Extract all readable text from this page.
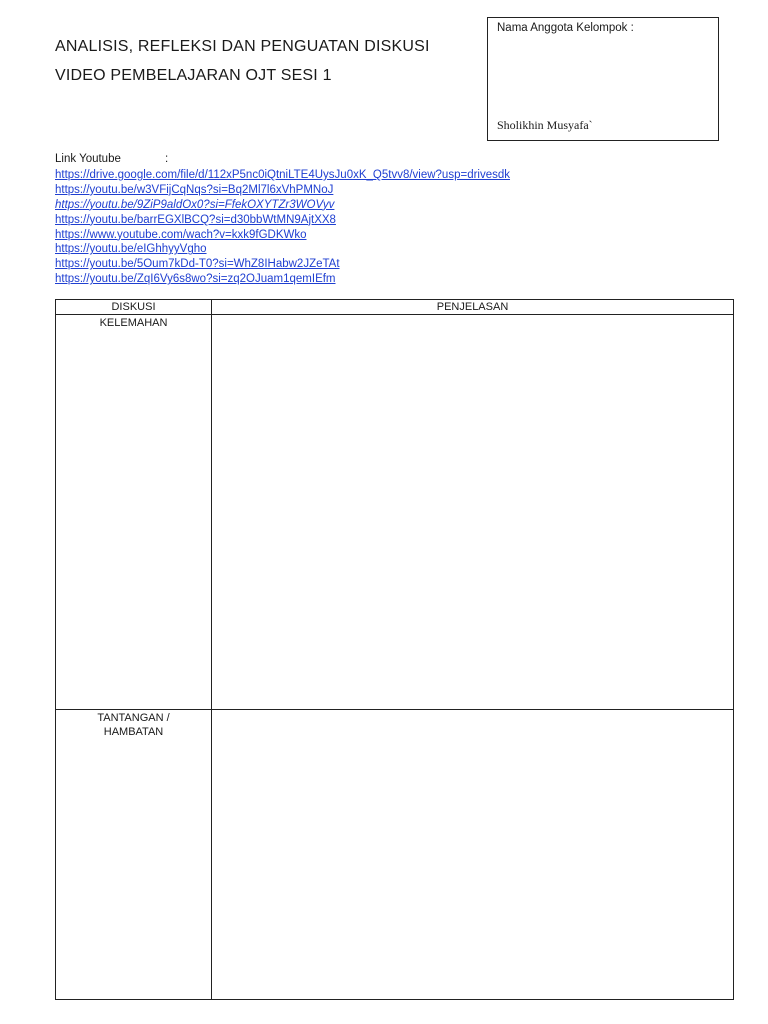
ANALISIS, REFLEKSI DAN PENGUATAN DISKUSI
VIDEO PEMBELAJARAN OJT SESI 1
Nama Anggota Kelompok :
Sholikhin Musyafa`
Link Youtube	:
https://drive.google.com/file/d/112xP5nc0iQtniLTE4UysJu0xK_Q5tvv8/view?usp=drivesdk
https://youtu.be/w3VFijCqNqs?si=Bq2Ml7l6xVhPMNoJ
https://youtu.be/9ZiP9aldOx0?si=FfekOXYTZr3WOVyv
https://youtu.be/barrEGXlBCQ?si=d30bbWtMN9AjtXX8
https://www.youtube.com/wach?v=kxk9fGDKWko
https://youtu.be/eIGhhyyVgho
https://youtu.be/5Oum7kDd-T0?si=WhZ8IHabw2JZeTAt
https://youtu.be/ZqI6Vy6s8wo?si=zq2OJuam1qemIEfm
DISKUSI	PENJELASAN

KELEMAHAN	

TANTANGAN /
HAMBATAN	
